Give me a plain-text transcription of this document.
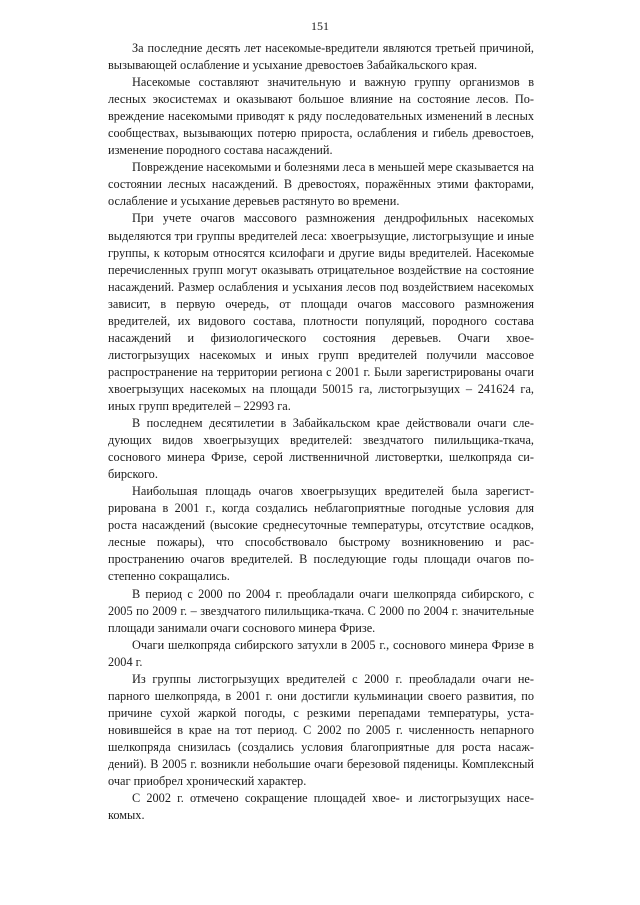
151

За последние десять лет насекомые-вредители являются третьей причиной, вызывающей ослабление и усыхание древостоев Забайкальского края.

Насекомые составляют значительную и важную группу организмов в лесных экосистемах и оказывают большое влияние на состояние лесов. Повреждение насекомыми приводят к ряду последовательных изменений в лесных сообществах, вызывающих потерю прироста, ослабления и гибель древостоев, изменение породного состава насаждений.

Повреждение насекомыми и болезнями леса в меньшей мере сказывается на состоянии лесных насаждений. В древостоях, поражённых этими факторами, ослабление и усыхание деревьев растянуто во времени.

При учете очагов массового размножения дендрофильных насекомых выделяются три группы вредителей леса: хвоегрызущие, листогрызущие и иные группы, к которым относятся ксилофаги и другие виды вредителей. Насекомые перечисленных групп могут оказывать отрицательное воздействие на состояние насаждений. Размер ослабления и усыхания лесов под воздействием насекомых зависит, в первую очередь, от площади очагов массового размножения вредителей, их видового состава, плотности популяций, породного состава насаждений и физиологического состояния деревьев. Очаги хвое-листогрызущих насекомых и иных групп вредителей получили массовое распространение на территории региона с 2001 г. Были зарегистрированы очаги хвоегрызущих насекомых на площади 50015 га, листогрызущих – 241624 га, иных групп вредителей – 22993 га.

В последнем десятилетии в Забайкальском крае действовали очаги следующих видов хвоегрызущих вредителей: звездчатого пилильщика-ткача, соснового минера Фризе, серой лиственничной листовертки, шелкопряда сибирского.

Наибольшая площадь очагов хвоегрызущих вредителей была зарегистрирована в 2001 г., когда создались неблагоприятные погодные условия для роста насаждений (высокие среднесуточные температуры, отсутствие осадков, лесные пожары), что способствовало быстрому возникновению и распространению очагов вредителей. В последующие годы площади очагов постепенно сокращались.

В период с 2000 по 2004 г. преобладали очаги шелкопряда сибирского, с 2005 по 2009 г. – звездчатого пилильщика-ткача. С 2000 по 2004 г. значительные площади занимали очаги соснового минера Фризе.

Очаги шелкопряда сибирского затухли в 2005 г., соснового минера Фризе в 2004 г.

Из группы листогрызущих вредителей с 2000 г. преобладали очаги непарного шелкопряда, в 2001 г. они достигли кульминации своего развития, по причине сухой жаркой погоды, с резкими перепадами температуры, установившейся в крае на тот период. С 2002 по 2005 г. численность непарного шелкопряда снизилась (создались условия благоприятные для роста насаждений). В 2005 г. возникли небольшие очаги березовой пяденицы. Комплексный очаг приобрел хронический характер.

С 2002 г. отмечено сокращение площадей хвое- и листогрызущих насекомых.
